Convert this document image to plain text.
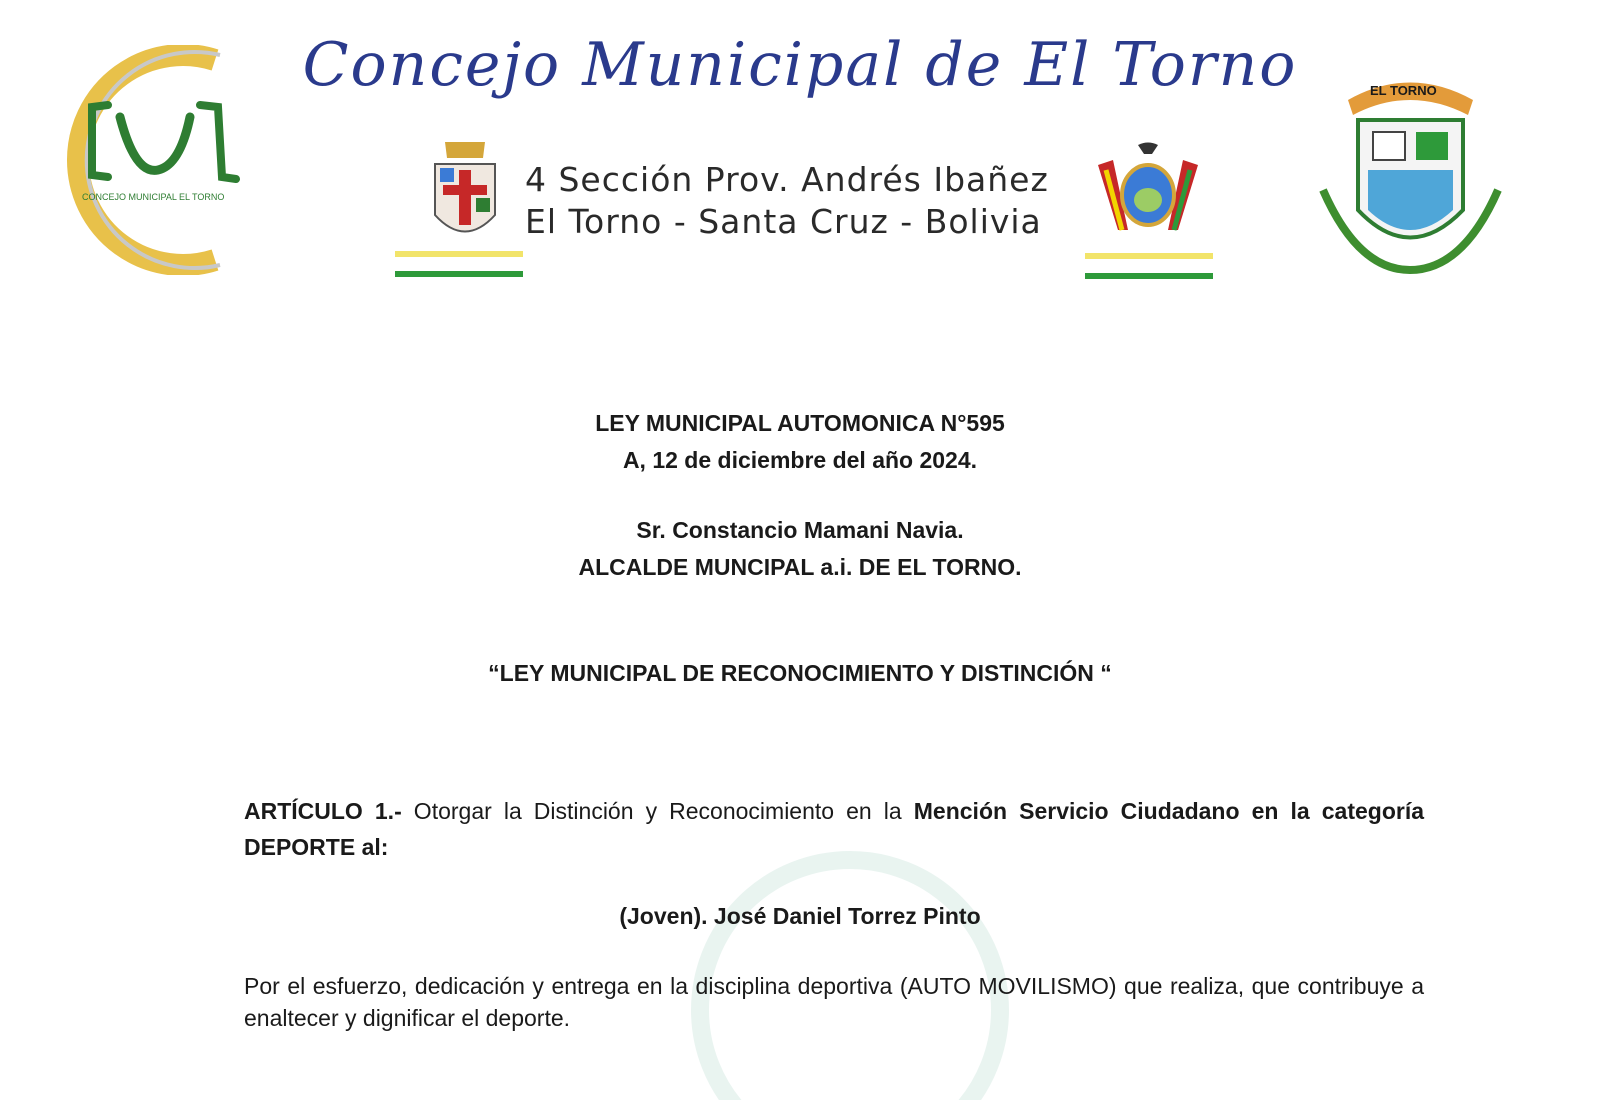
CONCEJO MUNICIPAL EL TORNO
Concejo Municipal de El Torno
4 Sección Prov. Andrés Ibañez
El Torno - Santa Cruz - Bolivia
EL TORNO
LEY MUNICIPAL AUTOMONICA N°595
A, 12 de diciembre del año 2024.
Sr. Constancio Mamani Navia.
ALCALDE MUNCIPAL a.i. DE EL TORNO.
“LEY MUNICIPAL DE RECONOCIMIENTO Y DISTINCIÓN “
ARTÍCULO 1.- Otorgar la Distinción y Reconocimiento en la Mención Servicio Ciudadano en la categoría DEPORTE al:
(Joven). José Daniel Torrez Pinto
Por el esfuerzo, dedicación y entrega en la disciplina deportiva (AUTO MOVILISMO) que realiza, que contribuye a enaltecer y dignificar el deporte.
